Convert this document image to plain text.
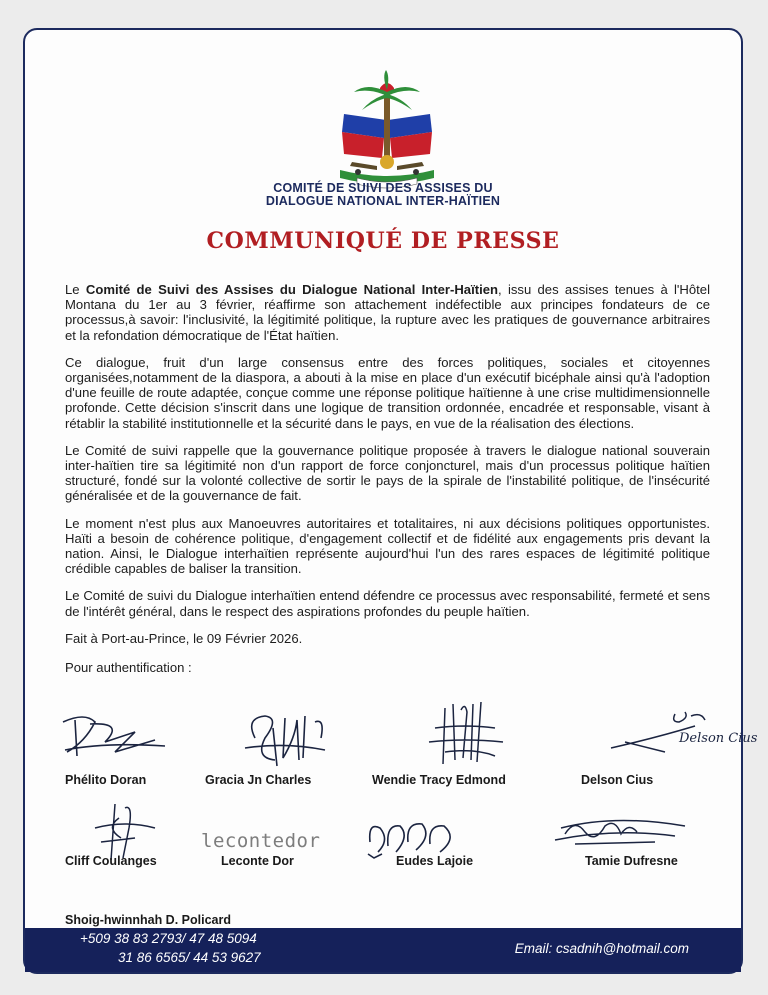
COMITÉ DE SUIVI DES ASSISES DU
DIALOGUE NATIONAL INTER-HAÏTIEN
COMMUNIQUÉ DE PRESSE

Le Comité de Suivi des Assises du Dialogue National Inter-Haïtien, issu des assises tenues à l'Hôtel Montana du 1er au 3 février, réaffirme son attachement indéfectible aux principes fondateurs de ce processus,à savoir: l'inclusivité, la légitimité politique, la rupture avec les pratiques de gouvernance arbitraires et la refondation démocratique de l'État haïtien.

Ce dialogue, fruit d'un large consensus entre des forces politiques, sociales et citoyennes organisées,notamment de la diaspora, a abouti à la mise en place d'un exécutif bicéphale ainsi qu'à l'adoption d'une feuille de route adaptée, conçue comme une réponse politique haïtienne à une crise multidimensionnelle profonde. Cette décision s'inscrit dans une logique de transition ordonnée, encadrée et responsable, visant à rétablir la stabilité institutionnelle et la sécurité dans le pays, en vue de la réalisation des élections.

Le Comité de suivi rappelle que la gouvernance politique proposée à travers le dialogue national souverain inter-haïtien tire sa légitimité non d'un rapport de force conjoncturel, mais d'un processus politique haïtien structuré, fondé sur la volonté collective de sortir le pays de la spirale de l'instabilité politique, de l'insécurité généralisée et de la gouvernance de fait.

Le moment n'est plus aux Manoeuvres autoritaires et totalitaires, ni aux décisions politiques opportunistes. Haïti a besoin de cohérence politique, d'engagement collectif et de fidélité aux engagements pris devant la nation. Ainsi, le Dialogue interhaïtien représente aujourd'hui l'un des rares espaces de légitimité politique crédible capables de baliser la transition.

Le Comité de suivi du Dialogue interhaïtien entend défendre ce processus avec responsabilité, fermeté et sens de l'intérêt général, dans le respect des aspirations profondes du peuple haïtien.

Fait à Port-au-Prince, le 09 Février 2026.

Pour authentification :

Delson Cius
Phélito Doran	Gracia Jn Charles	Wendie Tracy Edmond	Delson Cius
lecontedor
Cliff Coulanges	Leconte Dor	Eudes Lajoie	Tamie Dufresne
Shoig-hwinnhah D. Policard
+509 38 83 2793/ 47 48 5094
31 86 6565/ 44 53 9627
Email: csadnih@hotmail.com
